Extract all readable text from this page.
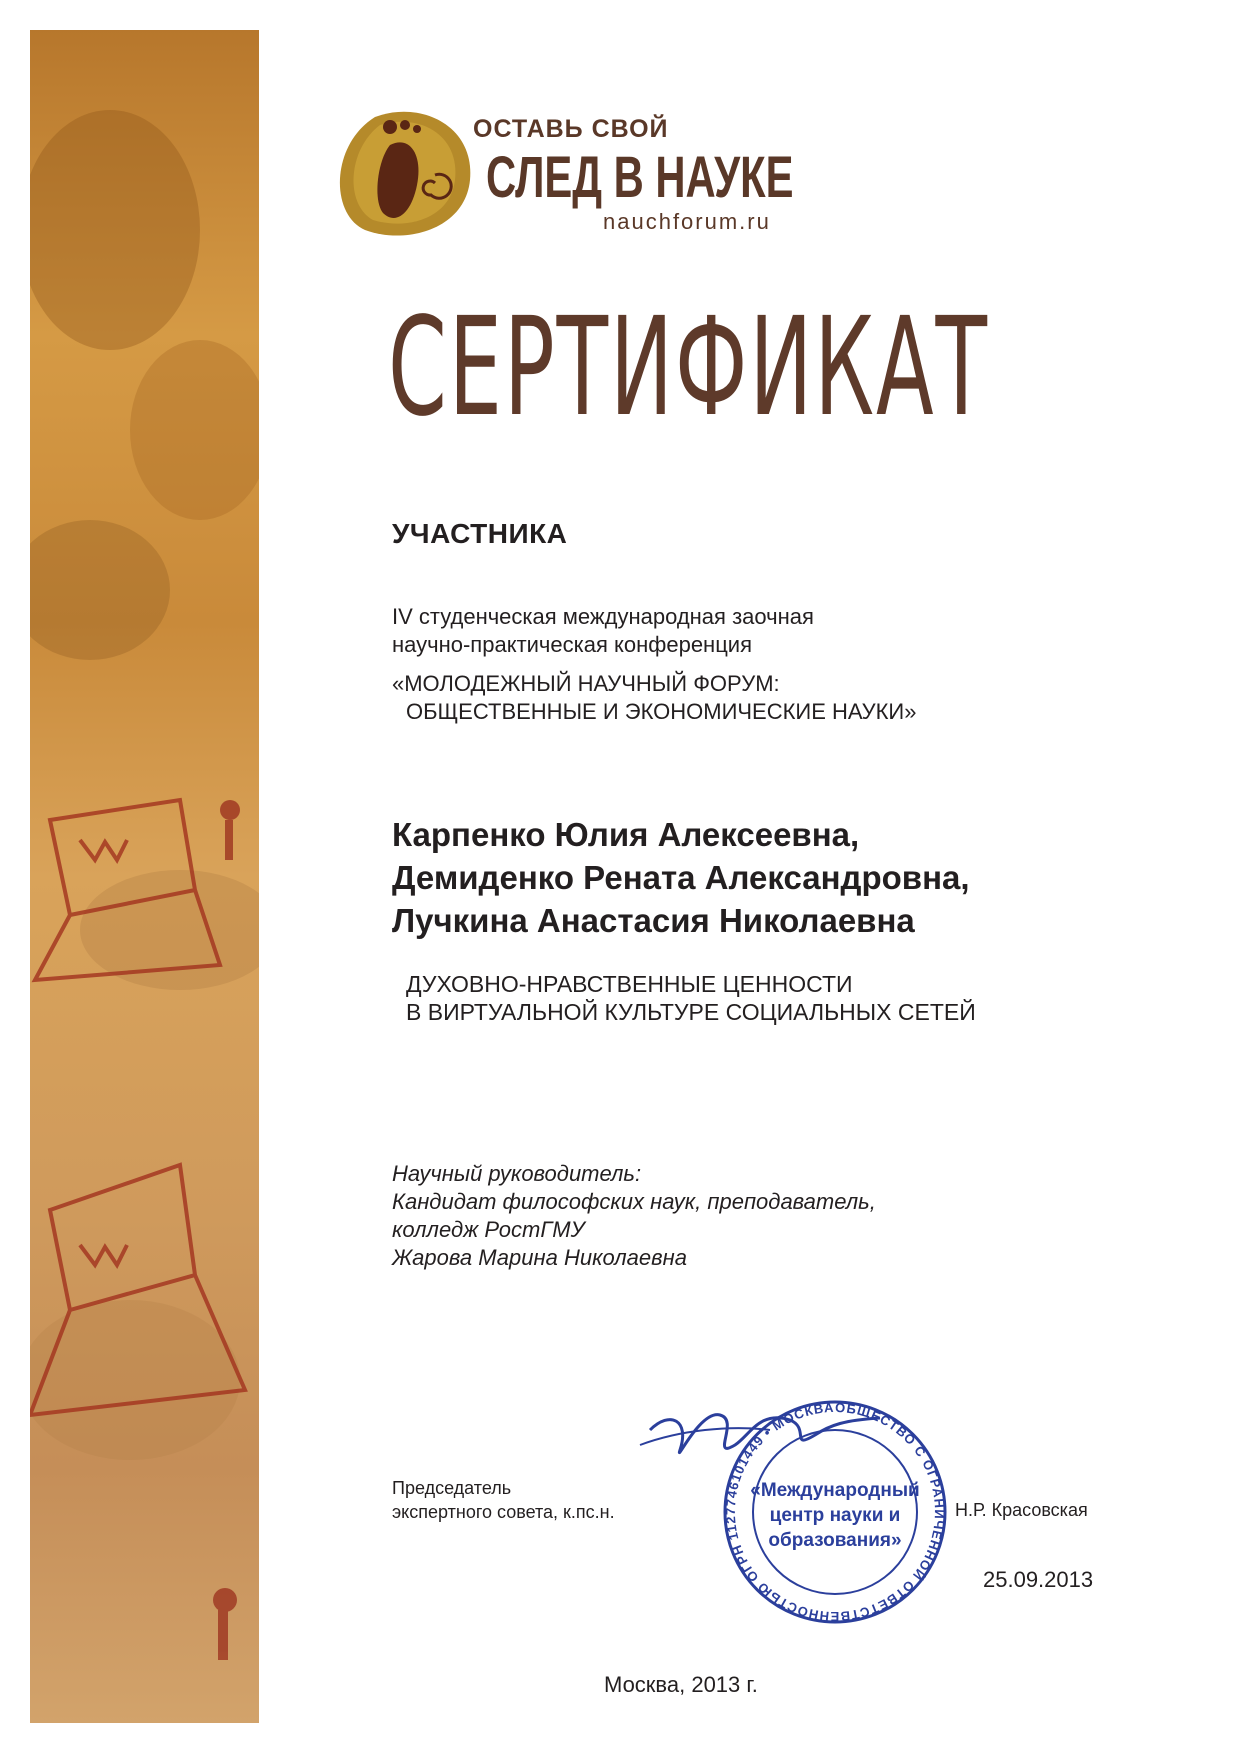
ОСТАВЬ СВОЙ
СЛЕД В НАУКЕ
nauchforum.ru
СЕРТИФИКАТ
УЧАСТНИКА
IV студенческая международная заочная
научно-практическая конференция
«МОЛОДЕЖНЫЙ НАУЧНЫЙ ФОРУМ:
ОБЩЕСТВЕННЫЕ И ЭКОНОМИЧЕСКИЕ НАУКИ»
Карпенко Юлия Алексеевна,
Демиденко Рената Александровна,
Лучкина Анастасия Николаевна
ДУХОВНО-НРАВСТВЕННЫЕ ЦЕННОСТИ
В ВИРТУАЛЬНОЙ КУЛЬТУРЕ СОЦИАЛЬНЫХ СЕТЕЙ
Научный руководитель:
Кандидат философских наук, преподаватель,
колледж РостГМУ
Жарова Марина Николаевна
Председатель
экспертного совета, к.пс.н.
ОБЩЕСТВО С ОГРАНИЧЕННОЙ ОТВЕТСТВЕННОСТЬЮ ОГРН 1127746101449 • МОСКВА •
«Международный
центр науки и
образования»
Н.Р. Красовская
25.09.2013
Москва, 2013 г.
